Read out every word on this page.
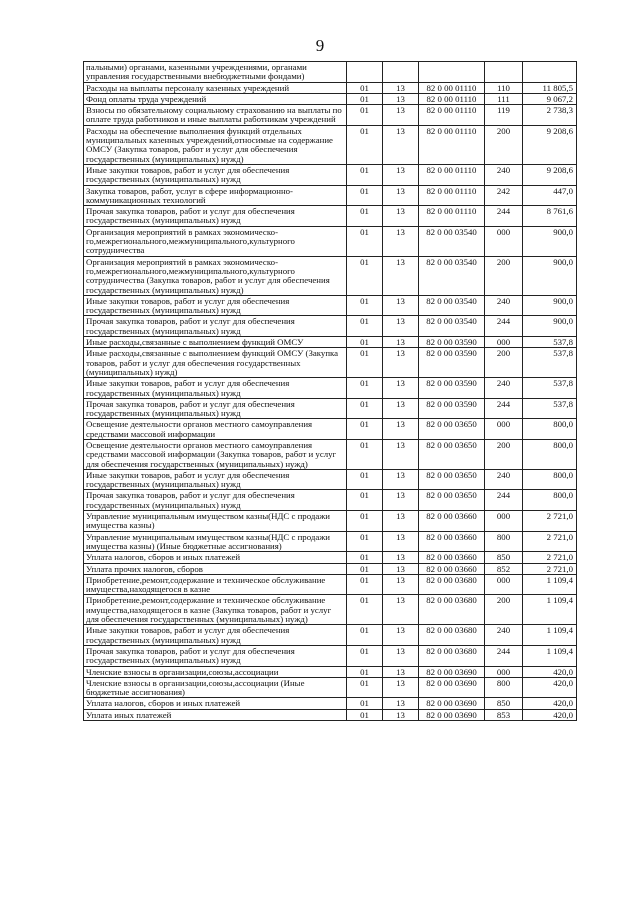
9
пальными) органами, казенными учреждениями, органами управления государственными внебюджетными фондами)					
Расходы на выплаты персоналу казенных учреждений	01	13	82 0 00 01110	110	11 805,5
Фонд оплаты труда учреждений	01	13	82 0 00 01110	111	9 067,2
Взносы по обязательному социальному страхованию на выплаты по оплате труда работников и иные выплаты работникам учреждений	01	13	82 0 00 01110	119	2 738,3
Расходы на обеспечение выполнения функций отдельных муниципальных казенных учреждений,относимые на содержание ОМСУ (Закупка товаров, работ и услуг для обеспечения государственных (муниципальных) нужд)	01	13	82 0 00 01110	200	9 208,6
Иные закупки товаров, работ и услуг для обеспечения государственных (муниципальных) нужд	01	13	82 0 00 01110	240	9 208,6
Закупка товаров, работ, услуг в сфере информационно-коммуникационных технологий	01	13	82 0 00 01110	242	447,0
Прочая закупка товаров, работ и услуг для обеспечения государственных (муниципальных) нужд	01	13	82 0 00 01110	244	8 761,6
Организация мероприятий в рамках экономическо-го,межрегионального,межмуниципального,культурного сотрудничества	01	13	82 0 00 03540	000	900,0
Организация мероприятий в рамках экономическо-го,межрегионального,межмуниципального,культурного сотрудничества (Закупка товаров, работ и услуг для обеспечения государственных (муниципальных) нужд)	01	13	82 0 00 03540	200	900,0
Иные закупки товаров, работ и услуг для обеспечения государственных (муниципальных) нужд	01	13	82 0 00 03540	240	900,0
Прочая закупка товаров, работ и услуг для обеспечения государственных (муниципальных) нужд	01	13	82 0 00 03540	244	900,0
Иные расходы,связанные с выполнением функций ОМСУ	01	13	82 0 00 03590	000	537,8
Иные расходы,связанные с выполнением функций ОМСУ (Закупка товаров, работ и услуг для обеспечения государственных (муниципальных) нужд)	01	13	82 0 00 03590	200	537,8
Иные закупки товаров, работ и услуг для обеспечения государственных (муниципальных) нужд	01	13	82 0 00 03590	240	537,8
Прочая закупка товаров, работ и услуг для обеспечения государственных (муниципальных) нужд	01	13	82 0 00 03590	244	537,8
Освещение деятельности органов местного самоуправления средствами массовой информации	01	13	82 0 00 03650	000	800,0
Освещение деятельности органов местного самоуправления средствами массовой информации (Закупка товаров, работ и услуг для обеспечения государственных (муниципальных) нужд)	01	13	82 0 00 03650	200	800,0
Иные закупки товаров, работ и услуг для обеспечения государственных (муниципальных) нужд	01	13	82 0 00 03650	240	800,0
Прочая закупка товаров, работ и услуг для обеспечения государственных (муниципальных) нужд	01	13	82 0 00 03650	244	800,0
Управление муниципальным имуществом казны(НДС с продажи имущества казны)	01	13	82 0 00 03660	000	2 721,0
Управление муниципальным имуществом казны(НДС с продажи имущества казны) (Иные бюджетные ассигнования)	01	13	82 0 00 03660	800	2 721,0
Уплата налогов, сборов и иных платежей	01	13	82 0 00 03660	850	2 721,0
Уплата прочих налогов, сборов	01	13	82 0 00 03660	852	2 721,0
Приобретение,ремонт,содержание и техническое обслуживание имущества,находящегося в казне	01	13	82 0 00 03680	000	1 109,4
Приобретение,ремонт,содержание и техническое обслуживание имущества,находящегося в казне (Закупка товаров, работ и услуг для обеспечения государственных (муниципальных) нужд)	01	13	82 0 00 03680	200	1 109,4
Иные закупки товаров, работ и услуг для обеспечения государственных (муниципальных) нужд	01	13	82 0 00 03680	240	1 109,4
Прочая закупка товаров, работ и услуг для обеспечения государственных (муниципальных) нужд	01	13	82 0 00 03680	244	1 109,4
Членские взносы в организации,союзы,ассоциации	01	13	82 0 00 03690	000	420,0
Членские взносы в организации,союзы,ассоциации (Иные бюджетные ассигнования)	01	13	82 0 00 03690	800	420,0
Уплата налогов, сборов и иных платежей	01	13	82 0 00 03690	850	420,0
Уплата иных платежей	01	13	82 0 00 03690	853	420,0
